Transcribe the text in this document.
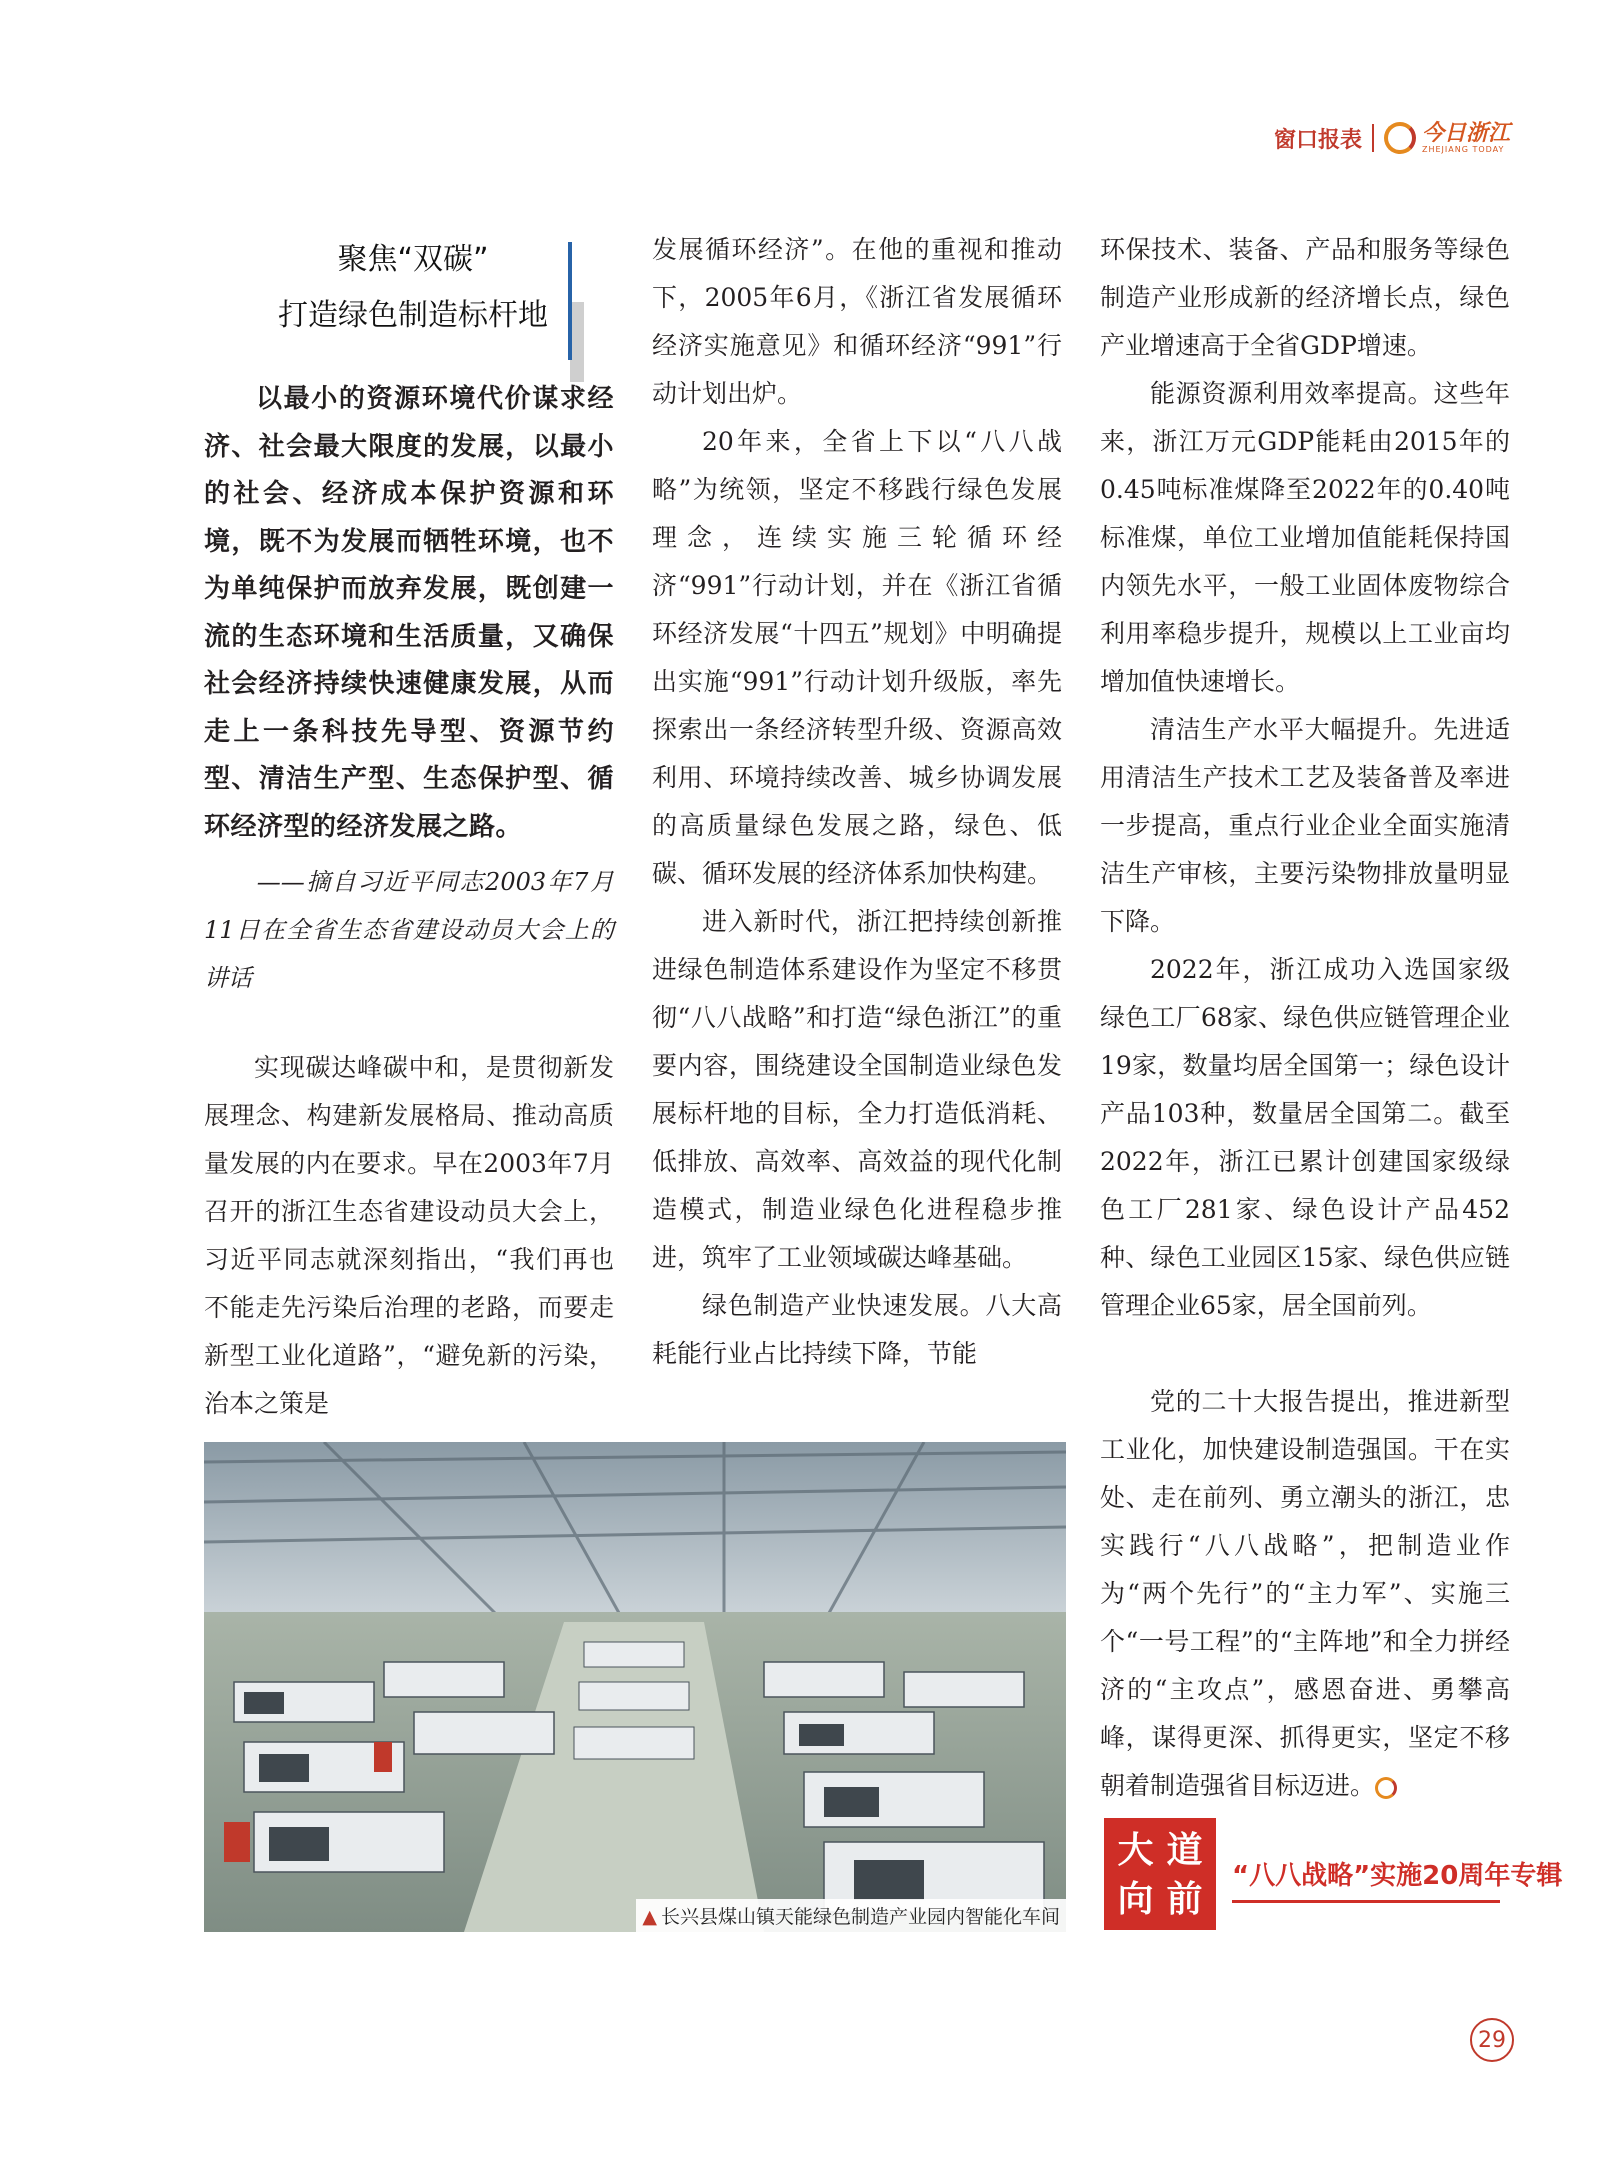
窗口报表	今日浙江
ZHEJIANG TODAY
聚焦“双碳”
打造绿色制造标杆地

以最小的资源环境代价谋求经济、社会最大限度的发展，以最小的社会、经济成本保护资源和环境，既不为发展而牺牲环境，也不为单纯保护而放弃发展，既创建一流的生态环境和生活质量，又确保社会经济持续快速健康发展，从而走上一条科技先导型、资源节约型、清洁生产型、生态保护型、循环经济型的经济发展之路。

——摘自习近平同志2003年7月11日在全省生态省建设动员大会上的讲话

实现碳达峰碳中和，是贯彻新发展理念、构建新发展格局、推动高质量发展的内在要求。早在2003年7月召开的浙江生态省建设动员大会上，习近平同志就深刻指出，“我们再也不能走先污染后治理的老路，而要走新型工业化道路”，“避免新的污染，治本之策是

发展循环经济”。在他的重视和推动下，2005年6月，《浙江省发展循环经济实施意见》和循环经济“991”行动计划出炉。

20年来，全省上下以“八八战略”为统领，坚定不移践行绿色发展理念，连续实施三轮循环经济“991”行动计划，并在《浙江省循环经济发展“十四五”规划》中明确提出实施“991”行动计划升级版，率先探索出一条经济转型升级、资源高效利用、环境持续改善、城乡协调发展的高质量绿色发展之路，绿色、低碳、循环发展的经济体系加快构建。

进入新时代，浙江把持续创新推进绿色制造体系建设作为坚定不移贯彻“八八战略”和打造“绿色浙江”的重要内容，围绕建设全国制造业绿色发展标杆地的目标，全力打造低消耗、低排放、高效率、高效益的现代化制造模式，制造业绿色化进程稳步推进，筑牢了工业领域碳达峰基础。

绿色制造产业快速发展。八大高耗能行业占比持续下降，节能

环保技术、装备、产品和服务等绿色制造产业形成新的经济增长点，绿色产业增速高于全省GDP增速。

能源资源利用效率提高。这些年来，浙江万元GDP能耗由2015年的0.45吨标准煤降至2022年的0.40吨标准煤，单位工业增加值能耗保持国内领先水平，一般工业固体废物综合利用率稳步提升，规模以上工业亩均增加值快速增长。

清洁生产水平大幅提升。先进适用清洁生产技术工艺及装备普及率进一步提高，重点行业企业全面实施清洁生产审核，主要污染物排放量明显下降。

2022年，浙江成功入选国家级绿色工厂68家、绿色供应链管理企业19家，数量均居全国第一；绿色设计产品103种，数量居全国第二。截至2022年，浙江已累计创建国家级绿色工厂281家、绿色设计产品452种、绿色工业园区15家、绿色供应链管理企业65家，居全国前列。

党的二十大报告提出，推进新型工业化，加快建设制造强国。干在实处、走在前列、勇立潮头的浙江，忠实践行“八八战略”，把制造业作为“两个先行”的“主力军”、实施三个“一号工程”的“主阵地”和全力拼经济的“主攻点”，感恩奋进、勇攀高峰，谋得更深、抓得更实，坚定不移朝着制造强省目标迈进。

▲ 长兴县煤山镇天能绿色制造产业园内智能化车间
大 道
向 前
“八八战略”实施20周年专辑
29
